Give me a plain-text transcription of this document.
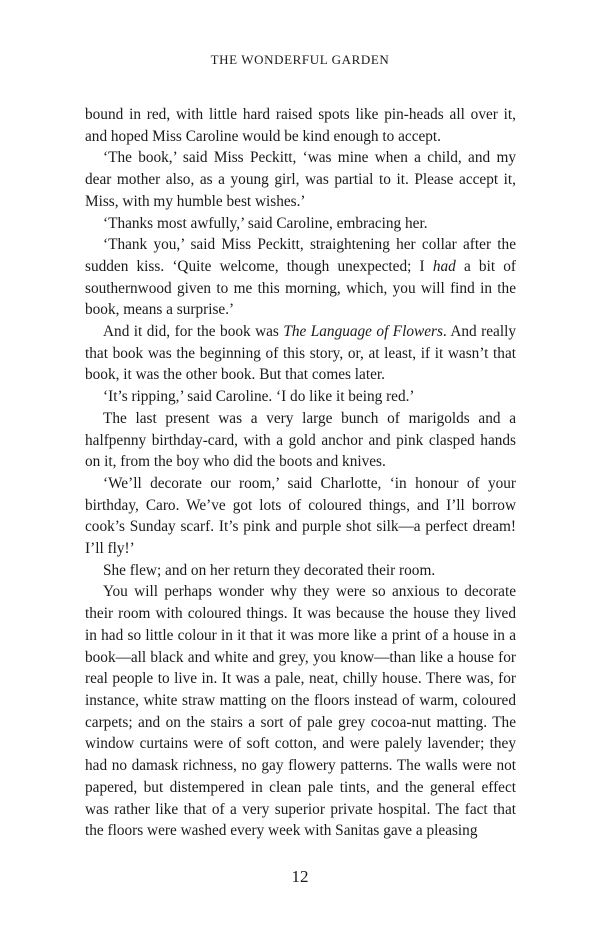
THE WONDERFUL GARDEN

bound in red, with little hard raised spots like pin-heads all over it, and hoped Miss Caroline would be kind enough to accept.

‘The book,’ said Miss Peckitt, ‘was mine when a child, and my dear mother also, as a young girl, was partial to it. Please accept it, Miss, with my humble best wishes.’

‘Thanks most awfully,’ said Caroline, embracing her.

‘Thank you,’ said Miss Peckitt, straightening her collar after the sudden kiss. ‘Quite welcome, though unexpected; I had a bit of southernwood given to me this morning, which, you will find in the book, means a surprise.’

And it did, for the book was The Language of Flowers. And really that book was the beginning of this story, or, at least, if it wasn’t that book, it was the other book. But that comes later.

‘It’s ripping,’ said Caroline. ‘I do like it being red.’

The last present was a very large bunch of marigolds and a halfpenny birthday-card, with a gold anchor and pink clasped hands on it, from the boy who did the boots and knives.

‘We’ll decorate our room,’ said Charlotte, ‘in honour of your birthday, Caro. We’ve got lots of coloured things, and I’ll borrow cook’s Sunday scarf. It’s pink and purple shot silk—a perfect dream! I’ll fly!’

She flew; and on her return they decorated their room.

You will perhaps wonder why they were so anxious to decorate their room with coloured things. It was because the house they lived in had so little colour in it that it was more like a print of a house in a book—all black and white and grey, you know—than like a house for real people to live in. It was a pale, neat, chilly house. There was, for instance, white straw matting on the floors instead of warm, coloured carpets; and on the stairs a sort of pale grey cocoa-nut matting. The window curtains were of soft cotton, and were palely lavender; they had no damask richness, no gay flowery patterns. The walls were not papered, but distempered in clean pale tints, and the general effect was rather like that of a very superior private hospital. The fact that the floors were washed every week with Sanitas gave a pleasing

12
